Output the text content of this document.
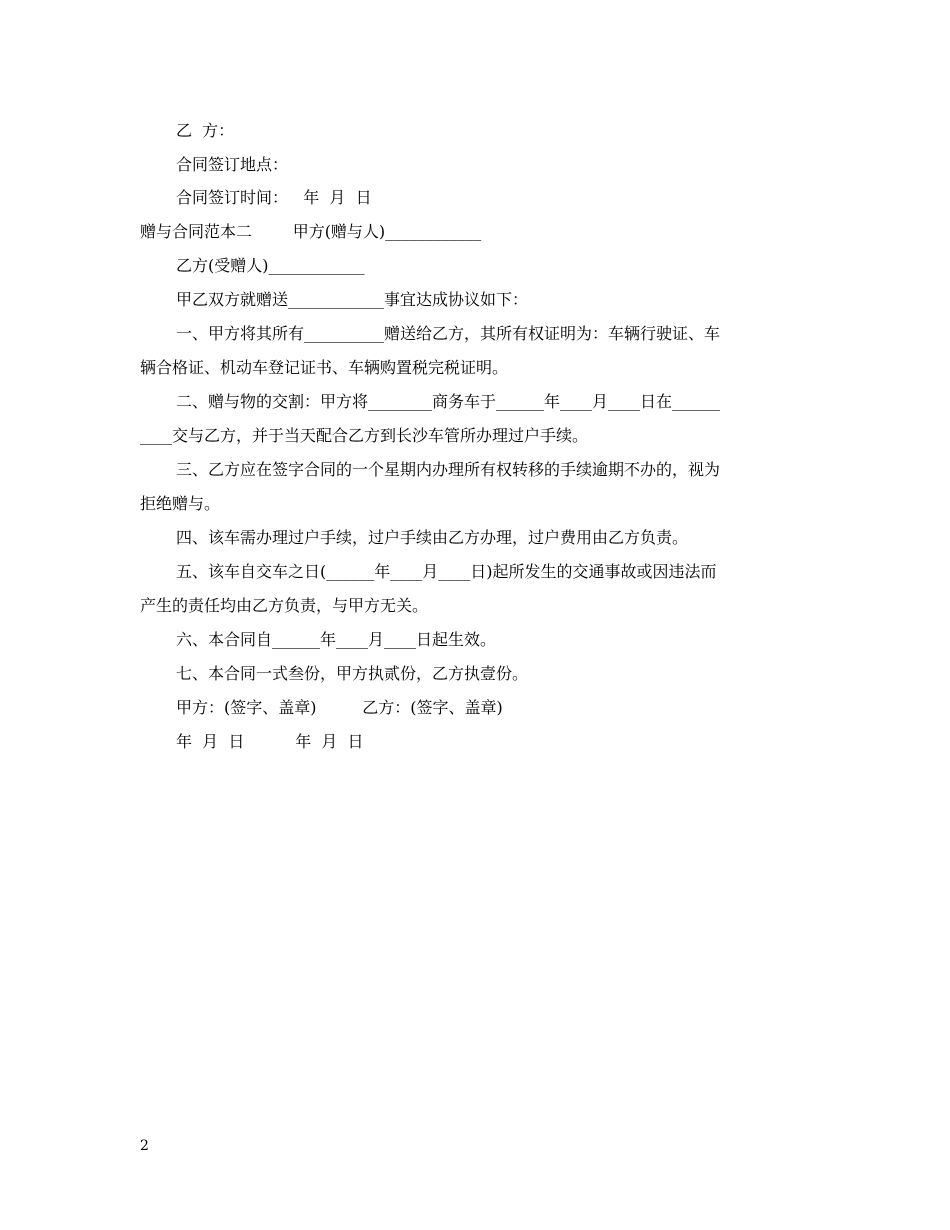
乙  方：

合同签订地点：

合同签订时间：   年  月  日

赠与合同范本二        甲方(赠与人)____________

乙方(受赠人)____________

甲乙双方就赠送____________事宜达成协议如下：

一、甲方将其所有__________赠送给乙方，其所有权证明为：车辆行驶证、车

辆合格证、机动车登记证书、车辆购置税完税证明。

二、赠与物的交割：甲方将________商务车于______年____月____日在______

____交与乙方，并于当天配合乙方到长沙车管所办理过户手续。

三、乙方应在签字合同的一个星期内办理所有权转移的手续逾期不办的，视为

拒绝赠与。

四、该车需办理过户手续，过户手续由乙方办理，过户费用由乙方负责。

五、该车自交车之日(______年____月____日)起所发生的交通事故或因违法而

产生的责任均由乙方负责，与甲方无关。

六、本合同自______年____月____日起生效。

七、本合同一式叁份，甲方执贰份，乙方执壹份。

甲方：(签字、盖章)         乙方：(签字、盖章)

年  月  日          年  月  日

2
